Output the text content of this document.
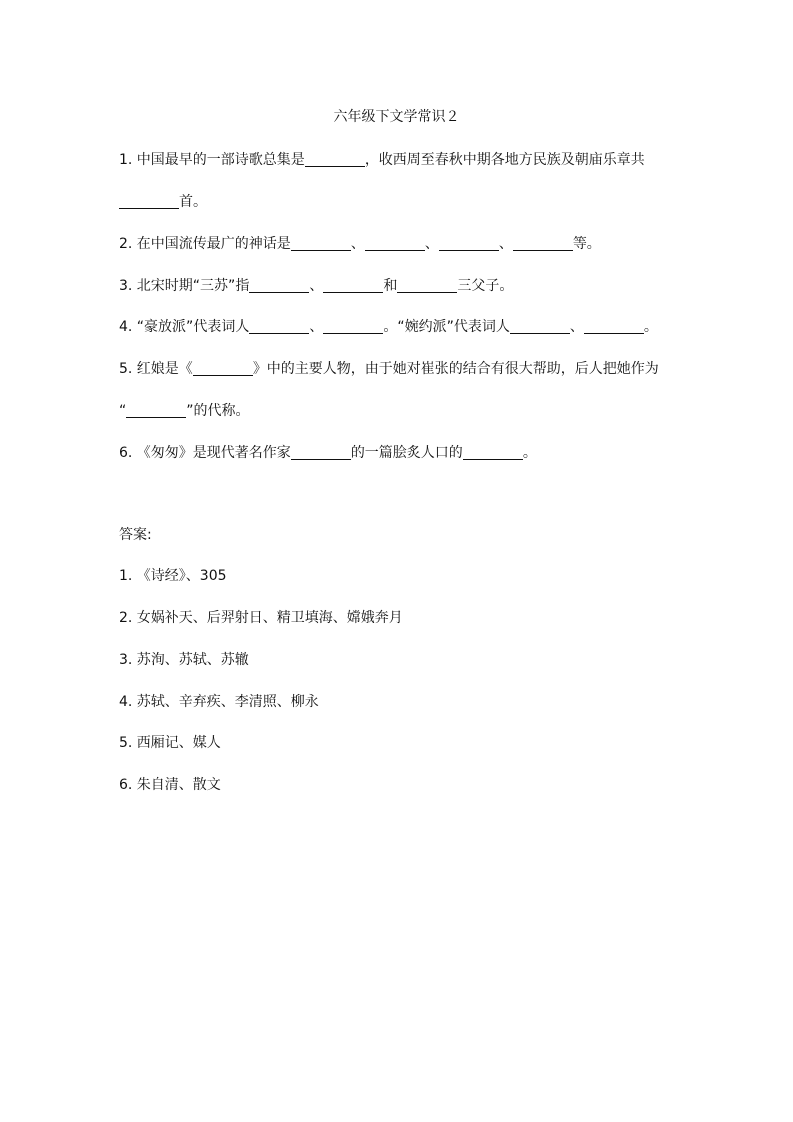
六年级下文学常识２
1. 中国最早的一部诗歌总集是	，收西周至春秋中期各地方民族及朝庙乐章共
首。
2. 在中国流传最广的神话是	、	、	、	等。
3. 北宋时期“三苏”指	、	和	三父子。
4. “豪放派”代表词人	、	。“婉约派”代表词人	、	。
5. 红娘是《	》中的主要人物，由于她对崔张的结合有很大帮助，后人把她作为
“	”的代称。
6. 《匆匆》是现代著名作家	的一篇脍炙人口的	。
答案:
1. 《诗经》、305
2. 女娲补天、后羿射日、精卫填海、嫦娥奔月
3. 苏洵、苏轼、苏辙
4. 苏轼、辛弃疾、李清照、柳永
5. 西厢记、媒人
6. 朱自清、散文
